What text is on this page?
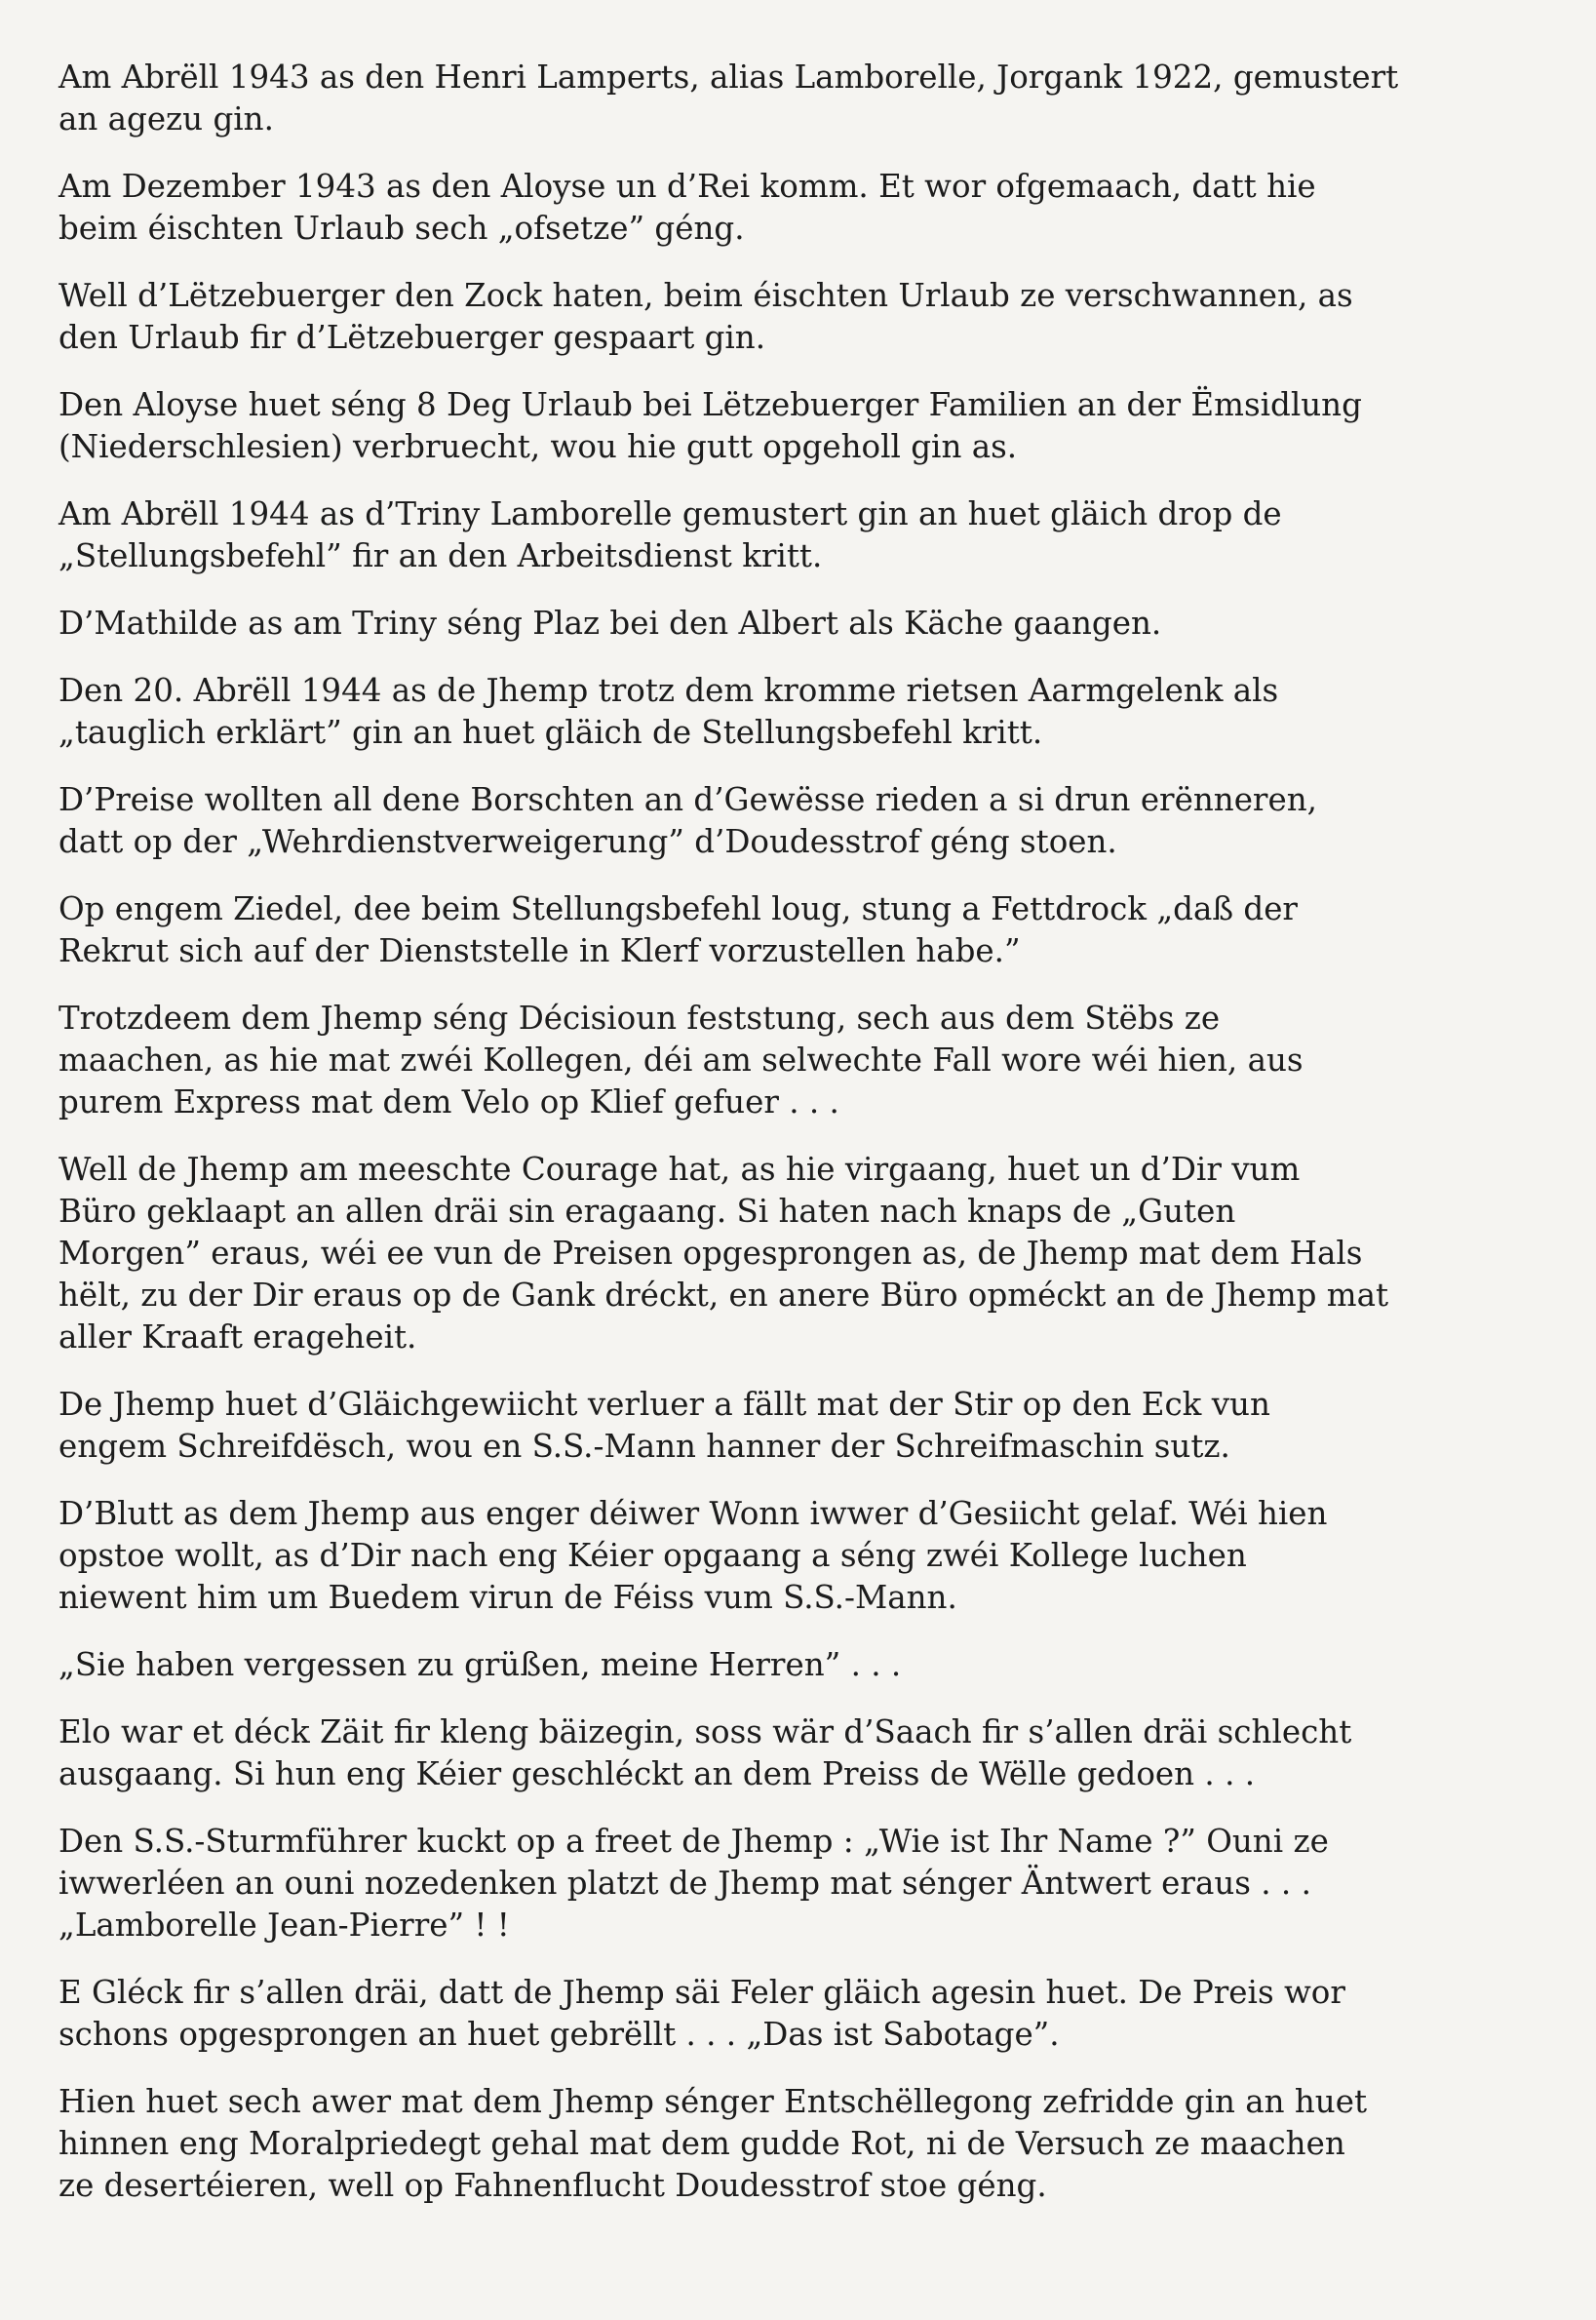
Am Abrëll 1943 as den Henri Lamperts, alias Lamborelle, Jorgank 1922, gemustert
an agezu gin.

Am Dezember 1943 as den Aloyse un d’Rei komm. Et wor ofgemaach, datt hie
beim éischten Urlaub sech „ofsetze” géng.

Well d’Lëtzebuerger den Zock haten, beim éischten Urlaub ze verschwannen, as
den Urlaub fir d’Lëtzebuerger gespaart gin.

Den Aloyse huet séng 8 Deg Urlaub bei Lëtzebuerger Familien an der Ëmsidlung
(Niederschlesien) verbruecht, wou hie gutt opgeholl gin as.

Am Abrëll 1944 as d’Triny Lamborelle gemustert gin an huet gläich drop de
„Stellungsbefehl” fir an den Arbeitsdienst kritt.

D’Mathilde as am Triny séng Plaz bei den Albert als Käche gaangen.

Den 20. Abrëll 1944 as de Jhemp trotz dem kromme rietsen Aarmgelenk als
„tauglich erklärt” gin an huet gläich de Stellungsbefehl kritt.

D’Preise wollten all dene Borschten an d’Gewësse rieden a si drun erënneren,
datt op der „Wehrdienstverweigerung” d’Doudesstrof géng stoen.

Op engem Ziedel, dee beim Stellungsbefehl loug, stung a Fettdrock „daß der
Rekrut sich auf der Dienststelle in Klerf vorzustellen habe.”

Trotzdeem dem Jhemp séng Décisioun feststung, sech aus dem Stëbs ze
maachen, as hie mat zwéi Kollegen, déi am selwechte Fall wore wéi hien, aus
purem Express mat dem Velo op Klief gefuer . . .

Well de Jhemp am meeschte Courage hat, as hie virgaang, huet un d’Dir vum
Büro geklaapt an allen dräi sin eragaang. Si haten nach knaps de „Guten
Morgen” eraus, wéi ee vun de Preisen opgesprongen as, de Jhemp mat dem Hals
hëlt, zu der Dir eraus op de Gank dréckt, en anere Büro opméckt an de Jhemp mat
aller Kraaft erageheit.

De Jhemp huet d’Gläichgewiicht verluer a fällt mat der Stir op den Eck vun
engem Schreifdësch, wou en S.S.-Mann hanner der Schreifmaschin sutz.

D’Blutt as dem Jhemp aus enger déiwer Wonn iwwer d’Gesiicht gelaf. Wéi hien
opstoe wollt, as d’Dir nach eng Kéier opgaang a séng zwéi Kollege luchen
niewent him um Buedem virun de Féiss vum S.S.-Mann.

„Sie haben vergessen zu grüßen, meine Herren” . . .

Elo war et déck Zäit fir kleng bäizegin, soss wär d’Saach fir s’allen dräi schlecht
ausgaang. Si hun eng Kéier geschléckt an dem Preiss de Wëlle gedoen . . .

Den S.S.-Sturmführer kuckt op a freet de Jhemp : „Wie ist Ihr Name ?” Ouni ze
iwwerléen an ouni nozedenken platzt de Jhemp mat sénger Äntwert eraus . . .
„Lamborelle Jean-Pierre” ! !

E Gléck fir s’allen dräi, datt de Jhemp säi Feler gläich agesin huet. De Preis wor
schons opgesprongen an huet gebrëllt . . . „Das ist Sabotage”.

Hien huet sech awer mat dem Jhemp sénger Entschëllegong zefridde gin an huet
hinnen eng Moralpriedegt gehal mat dem gudde Rot, ni de Versuch ze maachen
ze desertéieren, well op Fahnenflucht Doudesstrof stoe géng.
